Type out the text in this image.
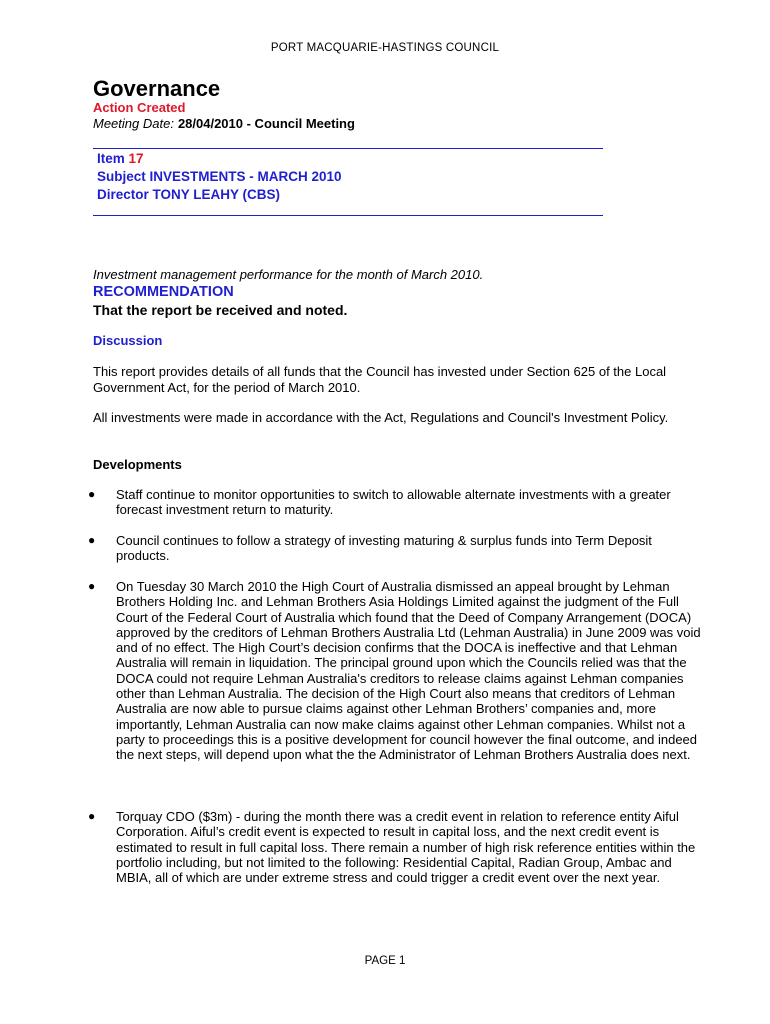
PORT MACQUARIE-HASTINGS COUNCIL
Governance
Action Created
Meeting Date: 28/04/2010 - Council Meeting
Item 17
Subject INVESTMENTS - MARCH 2010
Director TONY LEAHY (CBS)
Investment management performance for the month of March 2010.
RECOMMENDATION
That the report be received and noted.
Discussion
This report provides details of all funds that the Council has invested under Section 625 of the Local Government Act, for the period of March 2010.
All investments were made in accordance with the Act, Regulations and Council's Investment Policy.
Developments
● Staff continue to monitor opportunities to switch to allowable alternate investments with a greater forecast investment return to maturity.
● Council continues to follow a strategy of investing maturing & surplus funds into Term Deposit products.
● On Tuesday 30 March 2010 the High Court of Australia dismissed an appeal brought by Lehman Brothers Holding Inc. and Lehman Brothers Asia Holdings Limited against the judgment of the Full Court of the Federal Court of Australia which found that the Deed of Company Arrangement (DOCA) approved by the creditors of Lehman Brothers Australia Ltd (Lehman Australia) in June 2009 was void and of no effect. The High Court’s decision confirms that the DOCA is ineffective and that Lehman Australia will remain in liquidation. The principal ground upon which the Councils relied was that the DOCA could not require Lehman Australia's creditors to release claims against Lehman companies other than Lehman Australia. The decision of the High Court also means that creditors of Lehman Australia are now able to pursue claims against other Lehman Brothers’ companies and, more importantly, Lehman Australia can now make claims against other Lehman companies. Whilst not a party to proceedings this is a positive development for council however the final outcome, and indeed the next steps, will depend upon what the the Administrator of Lehman Brothers Australia does next.
● Torquay CDO ($3m) - during the month there was a credit event in relation to reference entity Aiful Corporation. Aiful’s credit event is expected to result in capital loss, and the next credit event is estimated to result in full capital loss. There remain a number of high risk reference entities within the portfolio including, but not limited to the following: Residential Capital, Radian Group, Ambac and MBIA, all of which are under extreme stress and could trigger a credit event over the next year.
PAGE 1
